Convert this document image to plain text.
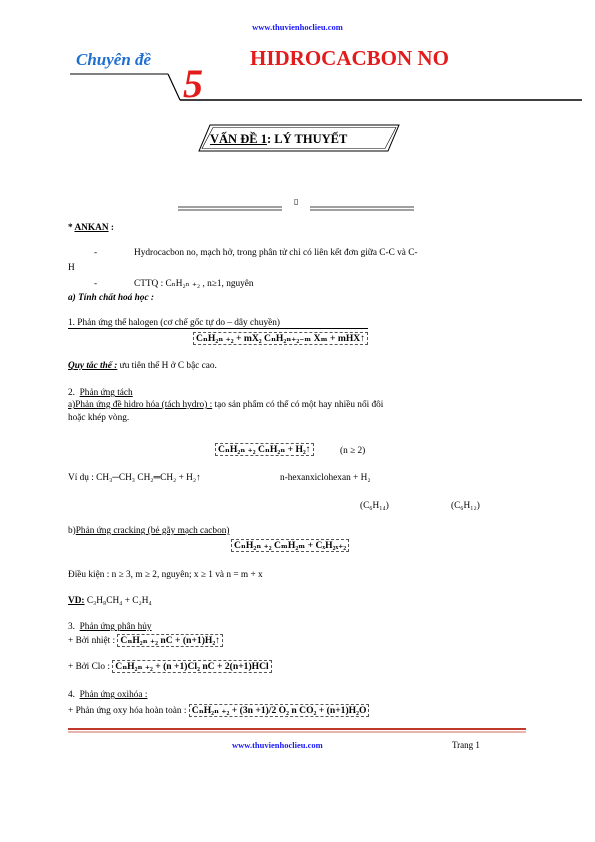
www.thuvienhoclieu.com
Chuyên đề
5
HIDROCACBON NO
VẤN ĐỀ 1: LÝ THUYẾT
▯
* ANKAN :
-	Hydrocacbon no, mạch hở, trong phân tử chỉ có liên kết đơn giữa C-C và C-
H
-	CTTQ : CₙH₂ₙ ₊₂ , n≥1, nguyên
a) Tính chất hoá học :
1. Phản ứng thế halogen (cơ chế gốc tự do – dây chuyền)
CₙH₂ₙ ₊₂ + mX₂ CₙH₂ₙ₊₂₋ₘ Xₘ + mHX↑
Quy tắc thế : ưu tiên thế H ở C bậc cao.
2.  Phản ứng tách
a)Phản ứng đề hidro hóa (tách hydro) : tạo sản phẩm có thể có một hay nhiều nối đôi
hoặc khép vòng.
CₙH₂ₙ ₊₂ CₙH₂ₙ + H₂↑	(n ≥ 2)
Ví dụ : CH₃─CH₃ CH₂═CH₂ + H₂↑	n-hexanxiclohexan + H₂
(C₆H₁₄)	(C₆H₁₂)
b)Phản ứng cracking (bẻ gãy mạch cacbon)
CₙH₂ₙ ₊₂ CₘH₂ₘ + CₓH₂ₓ₊₂
Điều kiện : n ≥ 3, m ≥ 2, nguyên; x ≥ 1 và n = m + x
VD: C₃H₈CH₄ + C₂H₄
3.  Phản ứng phân hủy
+ Bởi nhiệt : CₙH₂ₙ ₊₂ nC + (n+1)H₂↑
+ Bởi Clo : CₙH₂ₙ ₊₂ + (n +1)Cl₂ nC + 2(n+1)HCl
4.  Phản ứng oxihóa :
+ Phản ứng oxy hóa hoàn toàn : CₙH₂ₙ ₊₂ + (3n +1)/2 O₂ n CO₂ + (n+1)H₂O
www.thuvienhoclieu.com	Trang 1
